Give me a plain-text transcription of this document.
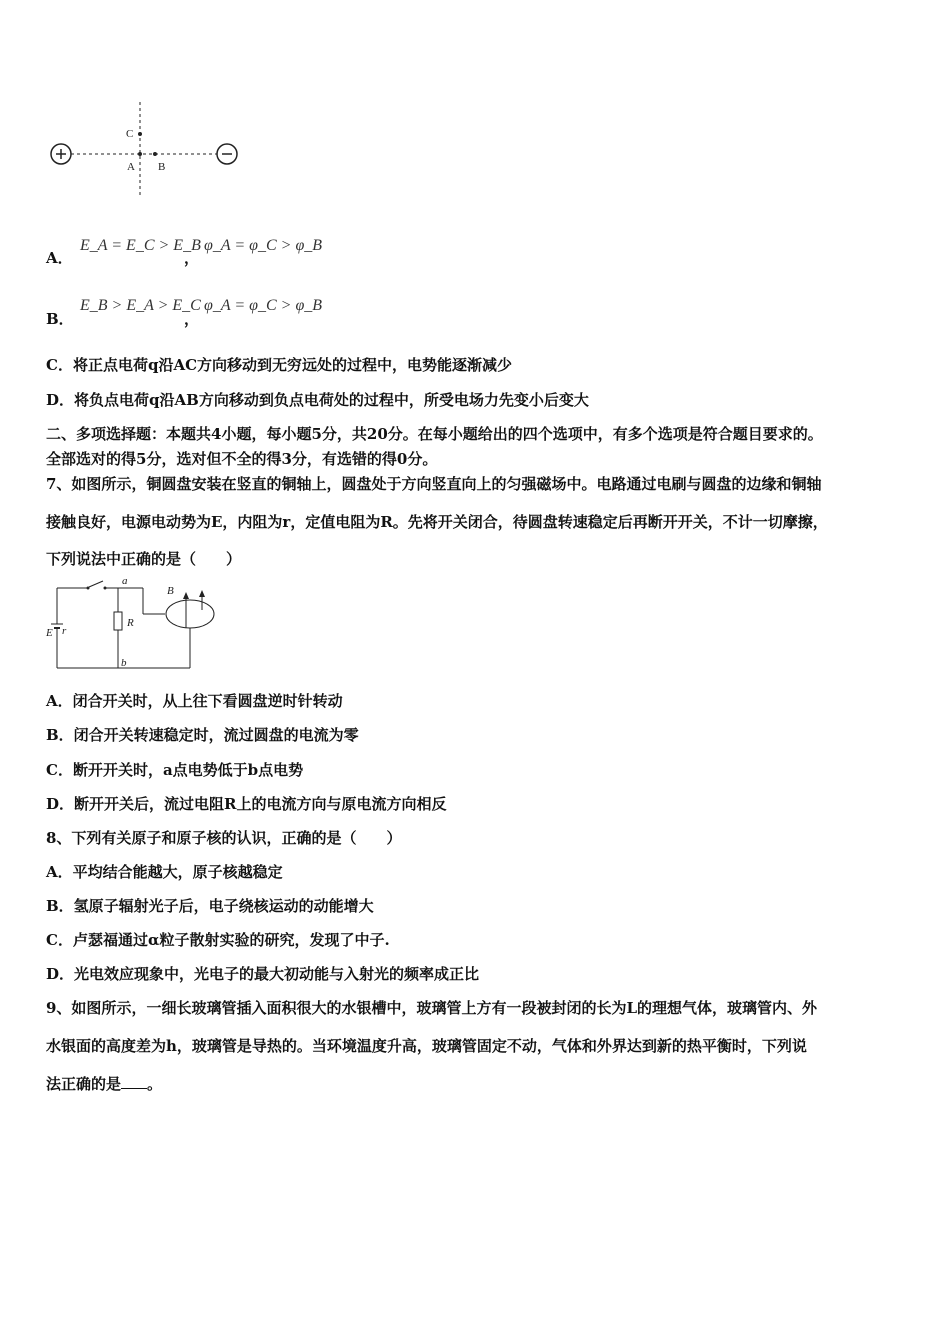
C
A B
A．
E_A = E_C > E_B
，
φ_A = φ_C > φ_B
B．
E_B > E_A > E_C
，
φ_A = φ_C > φ_B
C．将正点电荷q沿AC方向移动到无穷远处的过程中，电势能逐渐减少
D．将负点电荷q沿AB方向移动到负点电荷处的过程中，所受电场力先变小后变大
二、多项选择题：本题共4小题，每小题5分，共20分。在每小题给出的四个选项中，有多个选项是符合题目要求的。
全部选对的得5分，选对但不全的得3分，有选错的得0分。
7、如图所示，铜圆盘安装在竖直的铜轴上，圆盘处于方向竖直向上的匀强磁场中。电路通过电刷与圆盘的边缘和铜轴
接触良好，电源电动势为E，内阻为r，定值电阻为R。先将开关闭合，待圆盘转速稳定后再断开开关，不计一切摩擦，
下列说法中正确的是（　　）
a
b
R
B
E r
A．闭合开关时，从上往下看圆盘逆时针转动
B．闭合开关转速稳定时，流过圆盘的电流为零
C．断开开关时，a点电势低于b点电势
D．断开开关后，流过电阻R上的电流方向与原电流方向相反
8、下列有关原子和原子核的认识，正确的是（　　）
A．平均结合能越大，原子核越稳定
B．氢原子辐射光子后，电子绕核运动的动能增大
C．卢瑟福通过α粒子散射实验的研究，发现了中子.
D．光电效应现象中，光电子的最大初动能与入射光的频率成正比
9、如图所示，一细长玻璃管插入面积很大的水银槽中，玻璃管上方有一段被封闭的长为L的理想气体，玻璃管内、外
水银面的高度差为h，玻璃管是导热的。当环境温度升高，玻璃管固定不动，气体和外界达到新的热平衡时，下列说
法正确的是 。
